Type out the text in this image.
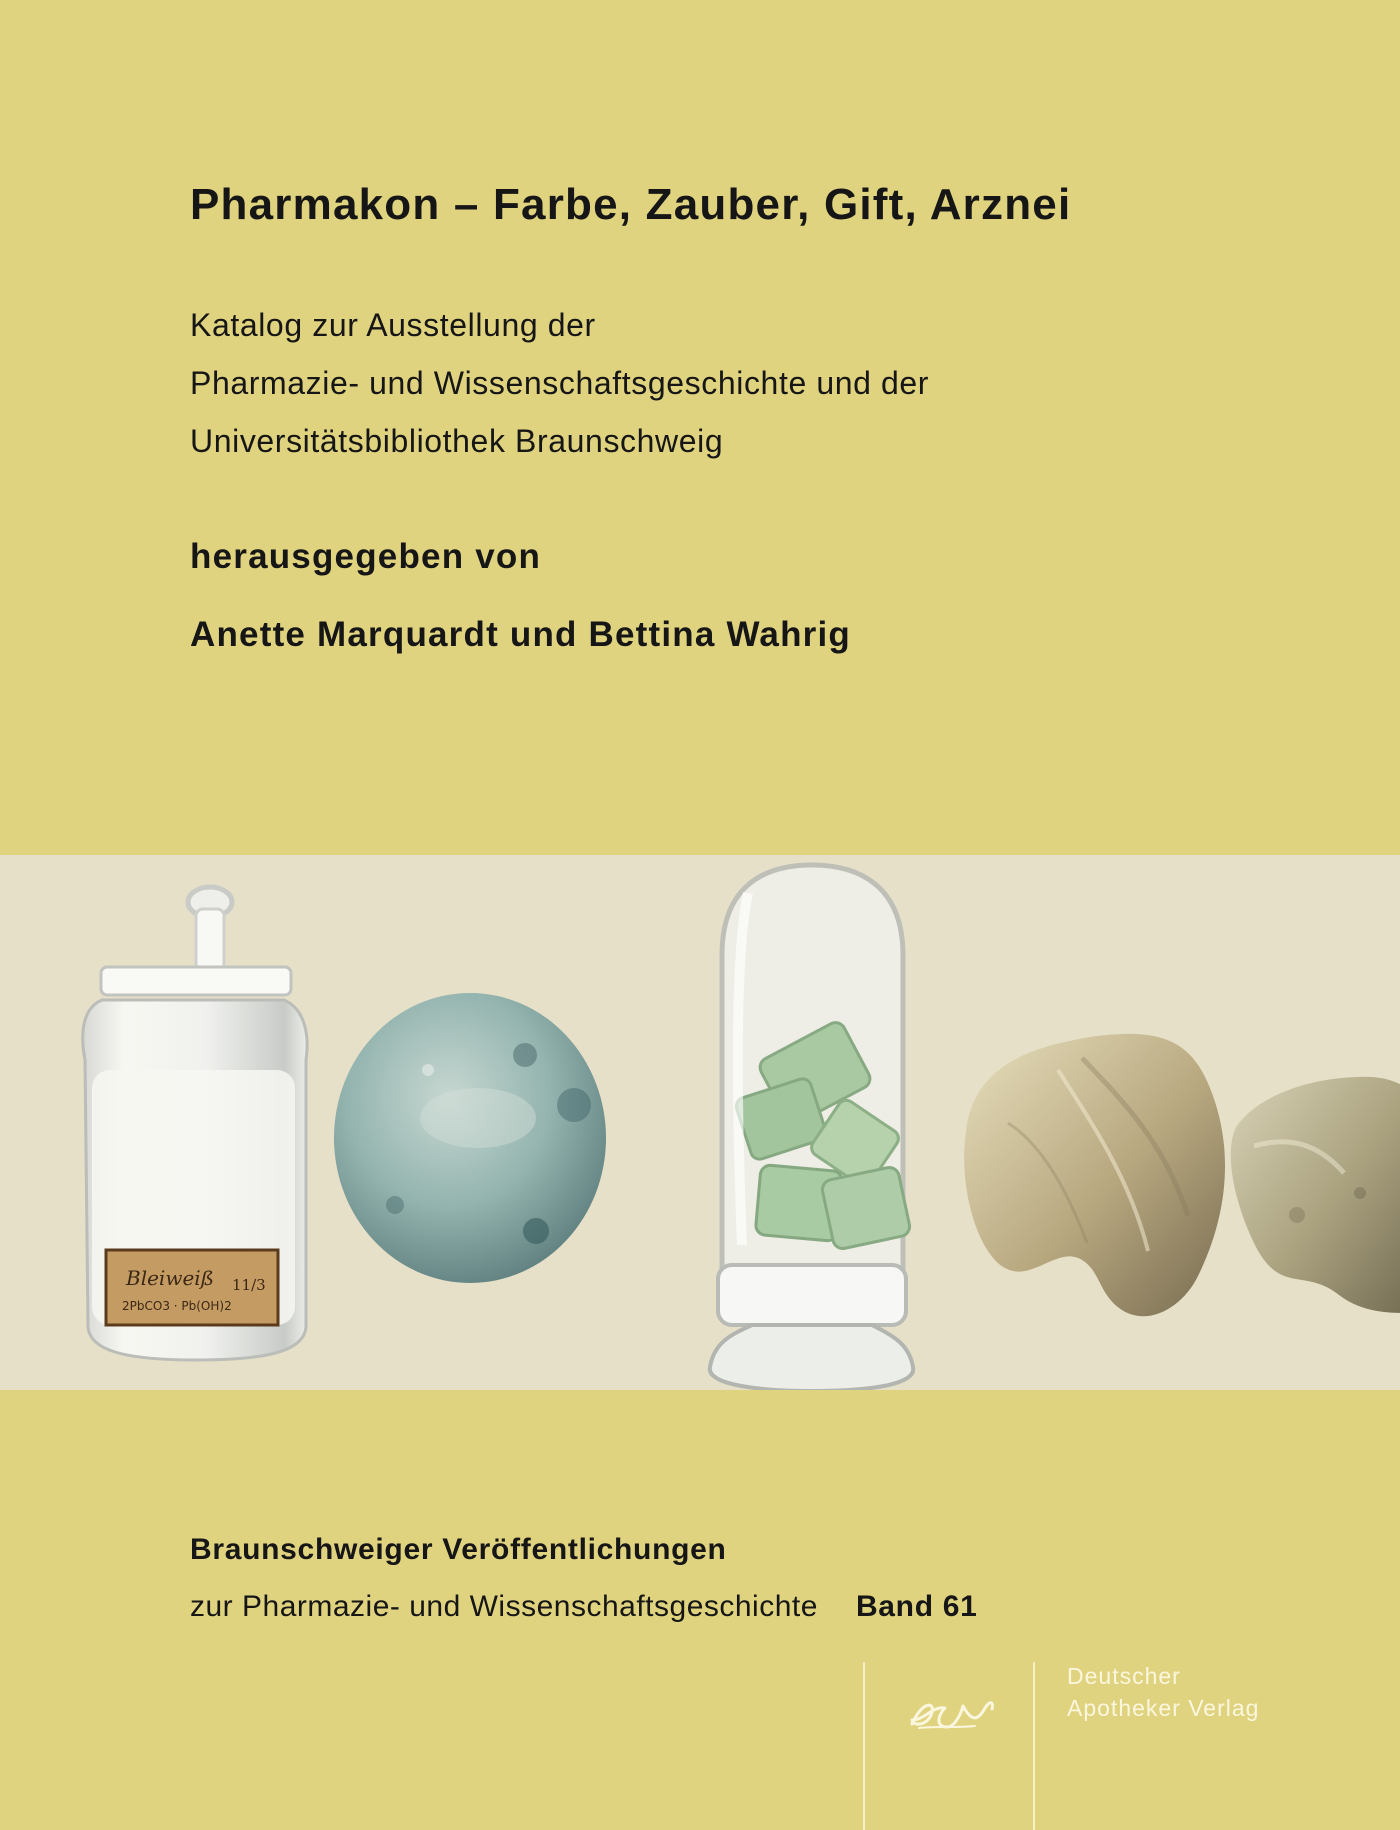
Pharmakon – Farbe, Zauber, Gift, Arznei

Katalog zur Ausstellung der
Pharmazie- und Wissenschaftsgeschichte und der
Universitätsbibliothek Braunschweig

herausgegeben von

Anette Marquardt und Bettina Wahrig

Bleiweiß
2PbCO3 · Pb(OH)2
11/3

Braunschweiger Veröffentlichungen
zur Pharmazie- und Wissenschaftsgeschichte Band 61

Deutscher
Apotheker Verlag
